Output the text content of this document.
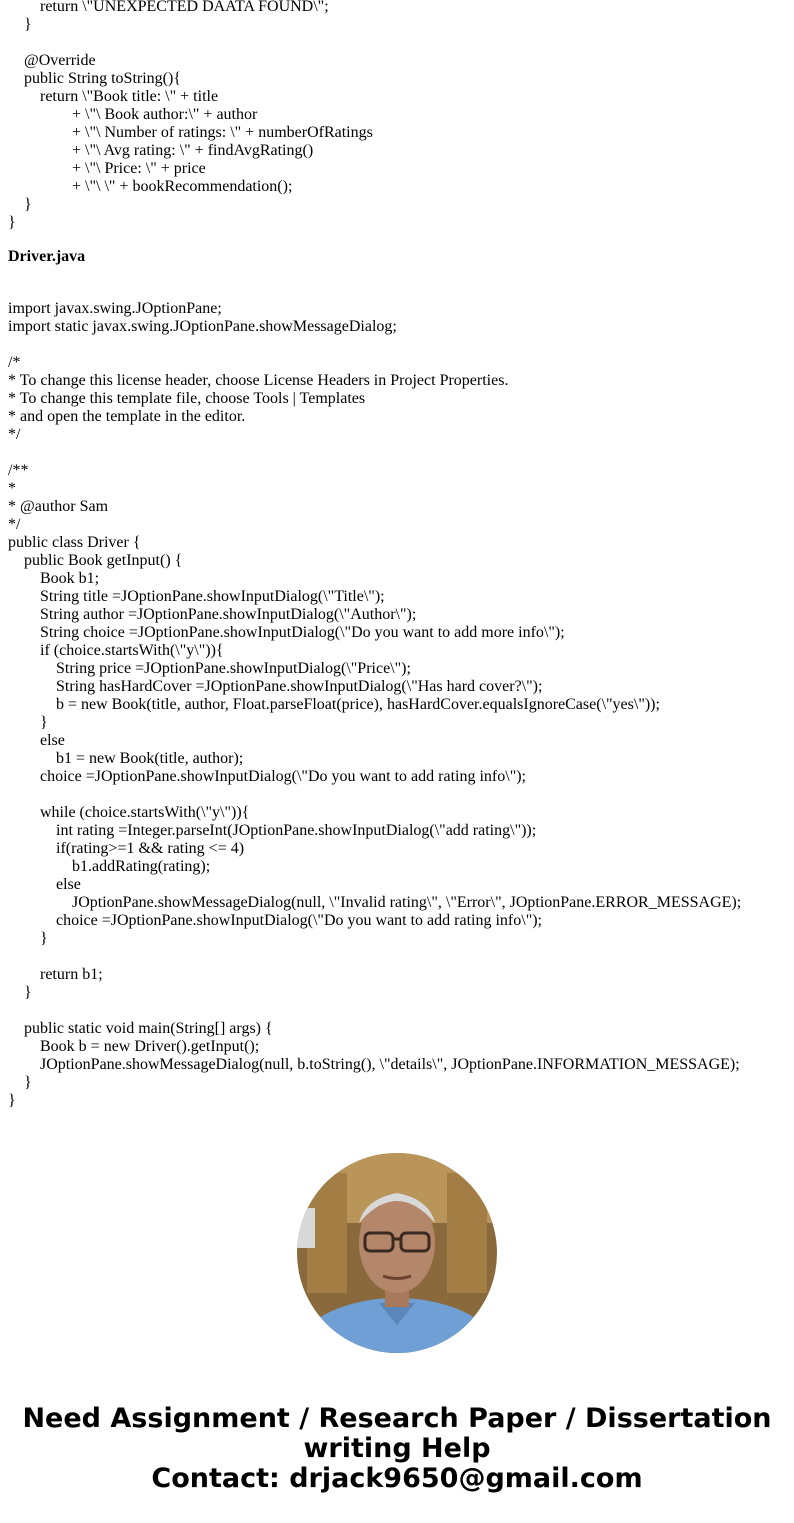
return \"UNEXPECTED DAATA FOUND\";
}
@Override
public String toString(){
return \"Book title: \" + title
+ \"\ Book author:\" + author
+ \"\ Number of ratings: \" + numberOfRatings
+ \"\ Avg rating: \" + findAvgRating()
+ \"\ Price: \" + price
+ \"\ \" + bookRecommendation();
}
}
Driver.java
import javax.swing.JOptionPane;
import static javax.swing.JOptionPane.showMessageDialog;
/*
* To change this license header, choose License Headers in Project Properties.
* To change this template file, choose Tools | Templates
* and open the template in the editor.
*/
/**
*
* @author Sam
*/
public class Driver {
public Book getInput() {
Book b1;
String title =JOptionPane.showInputDialog(\"Title\");
String author =JOptionPane.showInputDialog(\"Author\");
String choice =JOptionPane.showInputDialog(\"Do you want to add more info\");
if (choice.startsWith(\"y\")){
String price =JOptionPane.showInputDialog(\"Price\");
String hasHardCover =JOptionPane.showInputDialog(\"Has hard cover?\");
b = new Book(title, author, Float.parseFloat(price), hasHardCover.equalsIgnoreCase(\"yes\"));
}
else
b1 = new Book(title, author);
choice =JOptionPane.showInputDialog(\"Do you want to add rating info\");
while (choice.startsWith(\"y\")){
int rating =Integer.parseInt(JOptionPane.showInputDialog(\"add rating\"));
if(rating>=1 && rating <= 4)
b1.addRating(rating);
else
JOptionPane.showMessageDialog(null, \"Invalid rating\", \"Error\", JOptionPane.ERROR_MESSAGE);
choice =JOptionPane.showInputDialog(\"Do you want to add rating info\");
}
return b1;
}
public static void main(String[] args) {
Book b = new Driver().getInput();
JOptionPane.showMessageDialog(null, b.toString(), \"details\", JOptionPane.INFORMATION_MESSAGE);
}
}
Need Assignment / Research Paper / Dissertation
writing Help
Contact: drjack9650@gmail.com
